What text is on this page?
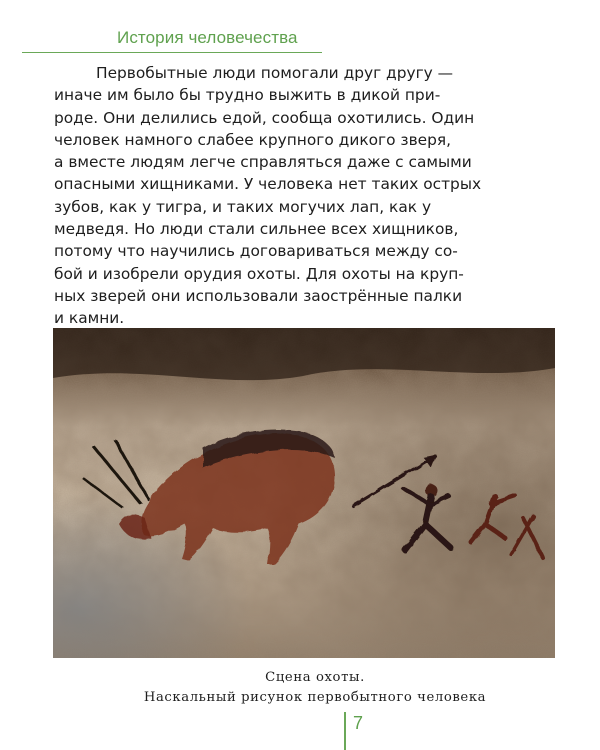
История человечества

Первобытные люди помогали друг другу —
иначе им было бы трудно выжить в дикой при-
роде. Они делились едой, сообща охотились. Один
человек намного слабее крупного дикого зверя,
а вместе людям легче справляться даже с самыми
опасными хищниками. У человека нет таких острых
зубов, как у тигра, и таких могучих лап, как у
медведя. Но люди стали сильнее всех хищников,
потому что научились договариваться между со-
бой и изобрели орудия охоты. Для охоты на круп-
ных зверей они использовали заострённые палки
и камни.

Сцена охоты.
Наскальный рисунок первобытного человека
7
